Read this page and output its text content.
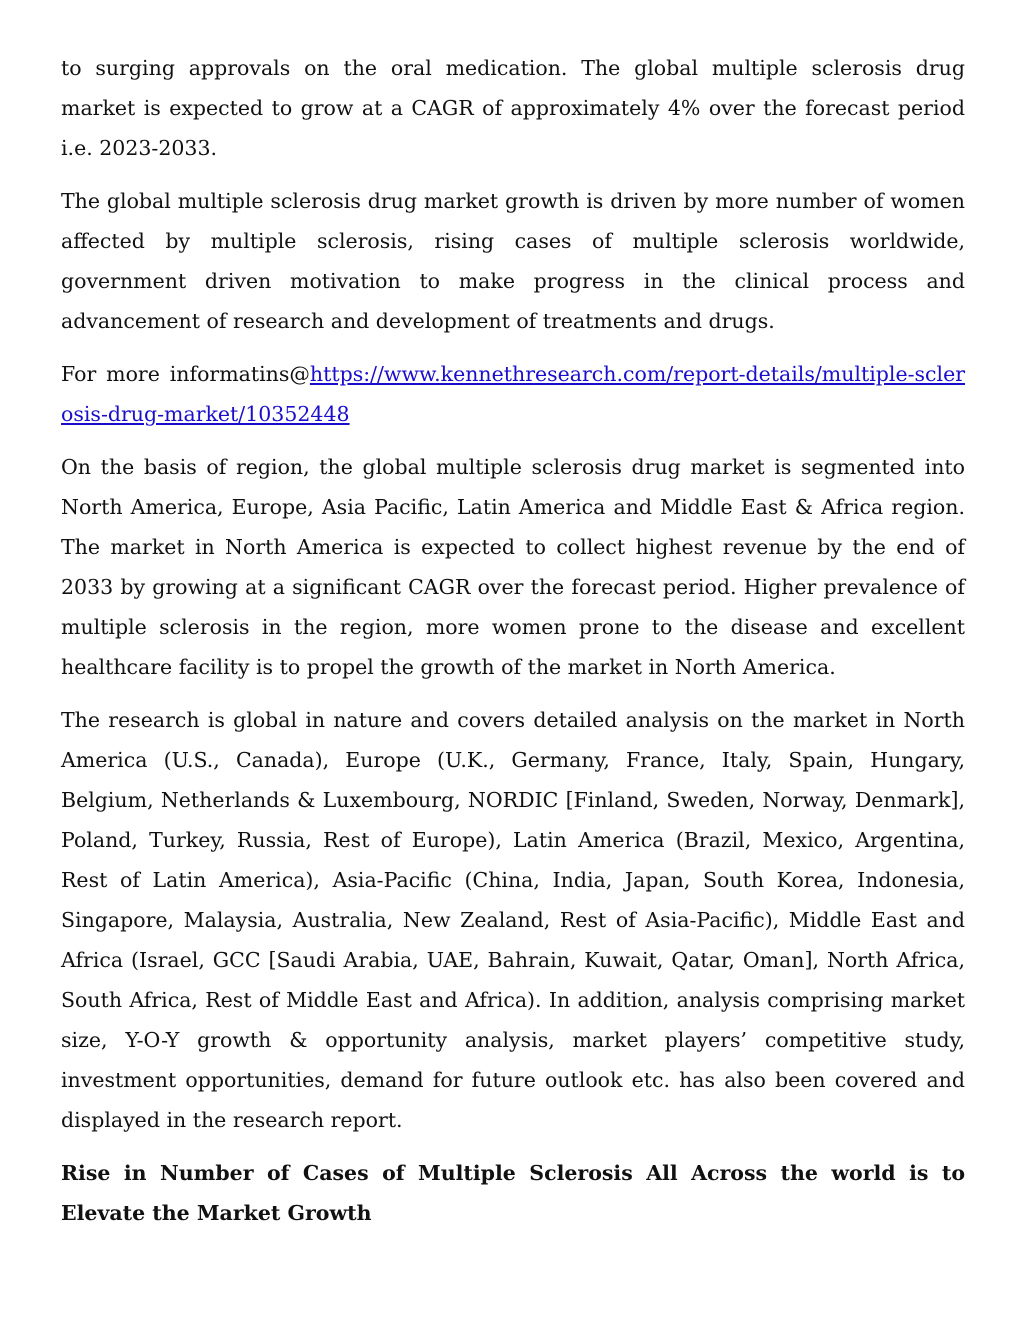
to surging approvals on the oral medication. The global multiple sclerosis drug market is expected to grow at a CAGR of approximately 4% over the forecast period i.e. 2023-2033.

The global multiple sclerosis drug market growth is driven by more number of women affected by multiple sclerosis, rising cases of multiple sclerosis worldwide, government driven motivation to make progress in the clinical process and advancement of research and development of treatments and drugs.

For more informatins@https://www.kennethresearch.com/report-details/multiple-sclerosis-drug-market/10352448

On the basis of region, the global multiple sclerosis drug market is segmented into North America, Europe, Asia Pacific, Latin America and Middle East & Africa region. The market in North America is expected to collect highest revenue by the end of 2033 by growing at a significant CAGR over the forecast period. Higher prevalence of multiple sclerosis in the region, more women prone to the disease and excellent healthcare facility is to propel the growth of the market in North America.

The research is global in nature and covers detailed analysis on the market in North America (U.S., Canada), Europe (U.K., Germany, France, Italy, Spain, Hungary, Belgium, Netherlands & Luxembourg, NORDIC [Finland, Sweden, Norway, Denmark], Poland, Turkey, Russia, Rest of Europe), Latin America (Brazil, Mexico, Argentina, Rest of Latin America), Asia-Pacific (China, India, Japan, South Korea, Indonesia, Singapore, Malaysia, Australia, New Zealand, Rest of Asia-Pacific), Middle East and Africa (Israel, GCC [Saudi Arabia, UAE, Bahrain, Kuwait, Qatar, Oman], North Africa, South Africa, Rest of Middle East and Africa). In addition, analysis comprising market size, Y-O-Y growth & opportunity analysis, market players’ competitive study, investment opportunities, demand for future outlook etc. has also been covered and displayed in the research report.

Rise in Number of Cases of Multiple Sclerosis All Across the world is to Elevate the Market Growth
